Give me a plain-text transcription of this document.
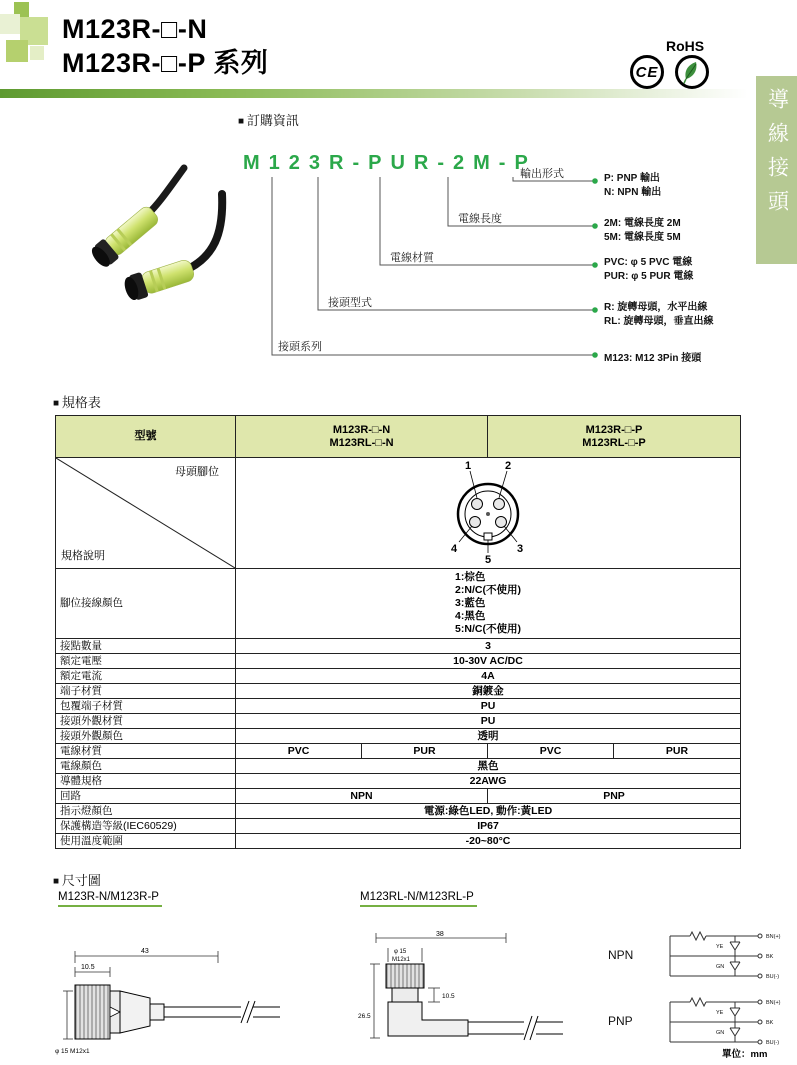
M123R-□-N
M123R-□-P 系列
RoHS
CE
導線接頭
■ 訂購資訊
M123R-PUR-2M-P
輸出形式
電線長度
電線材質
接頭型式
接頭系列
P: PNP 輸出
N: NPN 輸出
2M: 電線長度 2M
5M: 電線長度 5M
PVC: φ 5 PVC 電線
PUR: φ 5 PUR 電線
R: 旋轉母頭，水平出線
RL: 旋轉母頭，垂直出線
M123: M12 3Pin 接頭
■ 規格表
型號	
M123R-□-N
M123RL-□-N

M123R-□-P
M123RL-□-P

母頭腳位
規格說明

1	2
3
4
5

腳位接線顏色	1:棕色
2:N/C(不使用)
3:藍色
4:黑色
5:N/C(不使用)			

接點數量	3			
額定電壓	10-30V AC/DC			
額定電流	4A			
端子材質	銅鍍金			
包覆端子材質	PU			
接頭外觀材質	PU			
接頭外觀顏色	透明			
電線材質	PVC	PUR	PVC	PUR
電線顏色	黑色			
導體規格	22AWG			
回路	NPN		PNP	
指示燈顏色	電源:綠色LED, 動作:黃LED			
保護構造等級(IEC60529)	IP67			
使用溫度範圍	-20~80°C			
■ 尺寸圖
M123R-N/M123R-P	M123RL-N/M123RL-P
43
10.5
φ 15 M12x1
38
φ 15
M12x1
10.5
26.5
NPN
PNP
BN(+)
BK
BU(-)
YE
GN
BN(+)
BK
BU(-)
YE
GN
單位：mm
